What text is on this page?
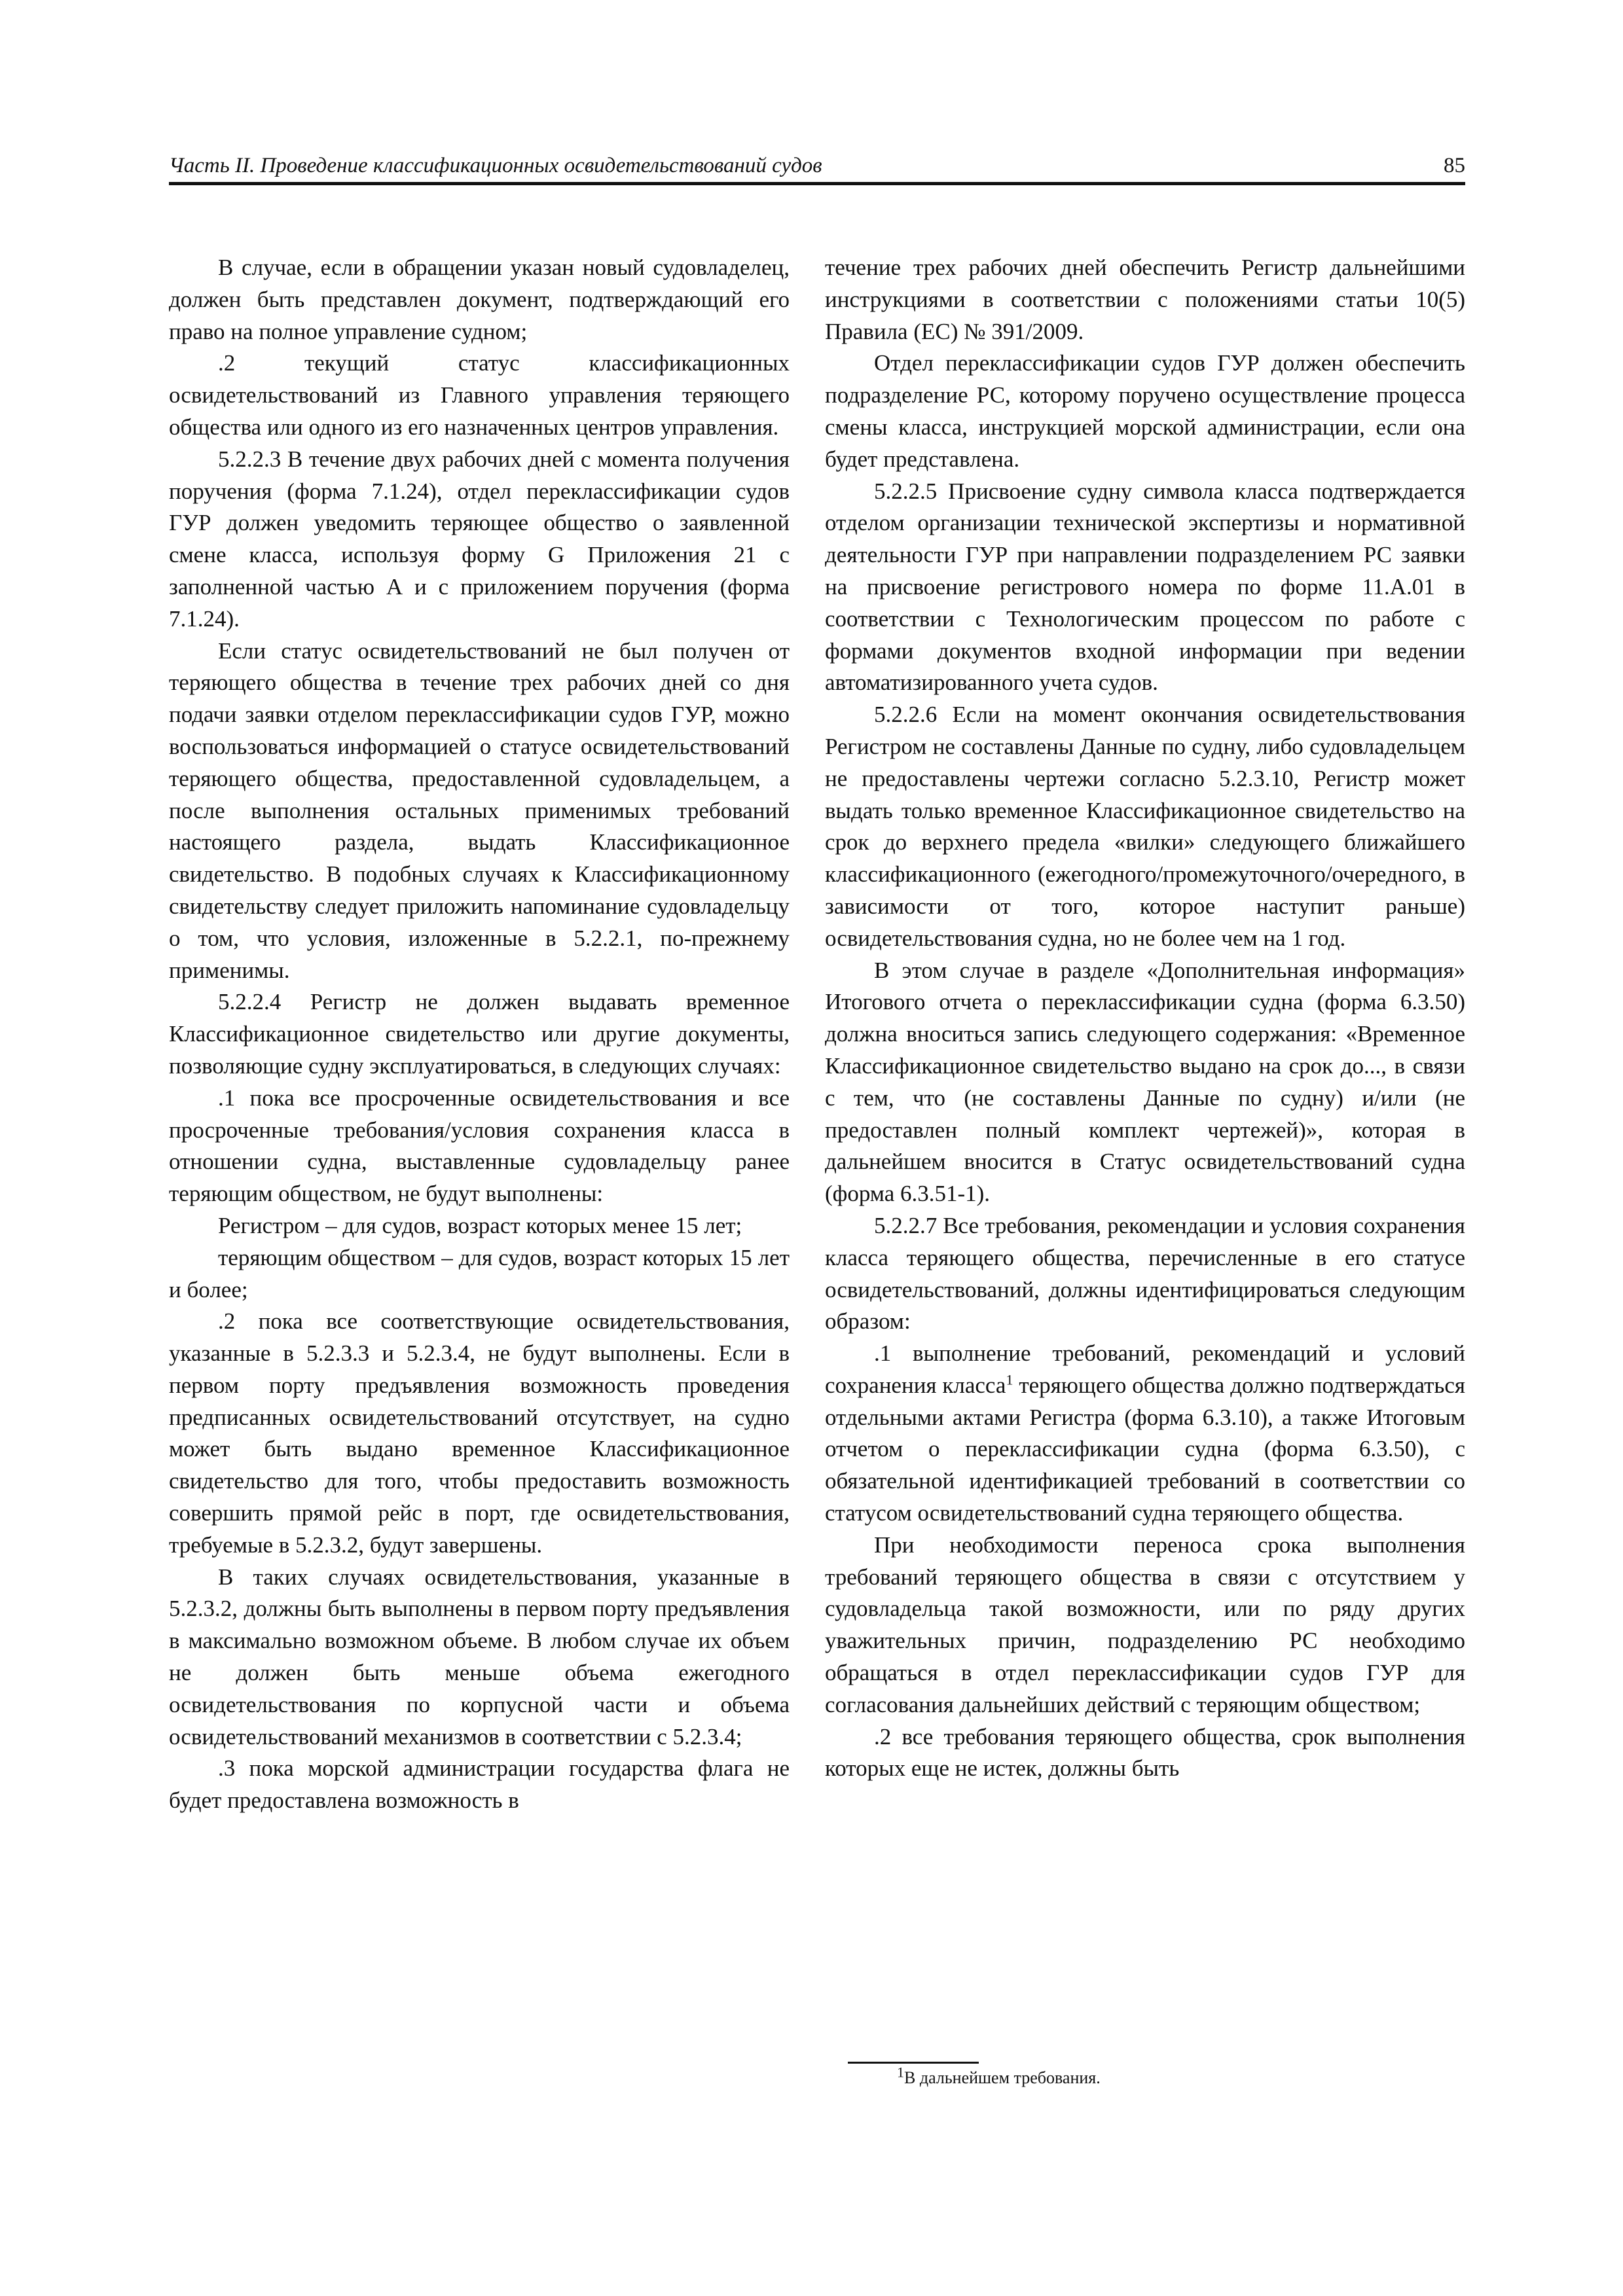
Часть II. Проведение классификационных освидетельствований судов	85

В случае, если в обращении указан новый судовладелец, должен быть представлен документ, подтверждающий его право на полное управление судном;

.2 текущий статус классификационных освидетельствований из Главного управления теряющего общества или одного из его назначенных центров управления.

5.2.2.3 В течение двух рабочих дней с момента получения поручения (форма 7.1.24), отдел переклассификации судов ГУР должен уведомить теряющее общество о заявленной смене класса, используя форму G Приложения 21 с заполненной частью А и с приложением поручения (форма 7.1.24).

Если статус освидетельствований не был получен от теряющего общества в течение трех рабочих дней со дня подачи заявки отделом переклассификации судов ГУР, можно воспользоваться информацией о статусе освидетельствований теряющего общества, предоставленной судовладельцем, а после выполнения остальных применимых требований настоящего раздела, выдать Классификационное свидетельство. В подобных случаях к Классификационному свидетельству следует приложить напоминание судовладельцу о том, что условия, изложенные в 5.2.2.1, по-прежнему применимы.

5.2.2.4 Регистр не должен выдавать временное Классификационное свидетельство или другие документы, позволяющие судну эксплуатироваться, в следующих случаях:

.1 пока все просроченные освидетельствования и все просроченные требования/условия сохранения класса в отношении судна, выставленные судовладельцу ранее теряющим обществом, не будут выполнены:

Регистром – для судов, возраст которых менее 15 лет;

теряющим обществом – для судов, возраст которых 15 лет и более;

.2 пока все соответствующие освидетельствования, указанные в 5.2.3.3 и 5.2.3.4, не будут выполнены. Если в первом порту предъявления возможность проведения предписанных освидетельствований отсутствует, на судно может быть выдано временное Классификационное свидетельство для того, чтобы предоставить возможность совершить прямой рейс в порт, где освидетельствования, требуемые в 5.2.3.2, будут завершены.

В таких случаях освидетельствования, указанные в 5.2.3.2, должны быть выполнены в первом порту предъявления в максимально возможном объеме. В любом случае их объем не должен быть меньше объема ежегодного освидетельствования по корпусной части и объема освидетельствований механизмов в соответствии с 5.2.3.4;

.3 пока морской администрации государства флага не будет предоставлена возможность в

течение трех рабочих дней обеспечить Регистр дальнейшими инструкциями в соответствии с положениями статьи 10(5) Правила (ЕС) № 391/2009.

Отдел переклассификации судов ГУР должен обеспечить подразделение РС, которому поручено осуществление процесса смены класса, инструкцией морской администрации, если она будет представлена.

5.2.2.5 Присвоение судну символа класса подтверждается отделом организации технической экспертизы и нормативной деятельности ГУР при направлении подразделением РС заявки на присвоение регистрового номера по форме 11.А.01 в соответствии с Технологическим процессом по работе с формами документов входной информации при ведении автоматизированного учета судов.

5.2.2.6 Если на момент окончания освидетельствования Регистром не составлены Данные по судну, либо судовладельцем не предоставлены чертежи согласно 5.2.3.10, Регистр может выдать только временное Классификационное свидетельство на срок до верхнего предела «вилки» следующего ближайшего классификационного (ежегодного/промежуточного/очередного, в зависимости от того, которое наступит раньше) освидетельствования судна, но не более чем на 1 год.

В этом случае в разделе «Дополнительная информация» Итогового отчета о переклассификации судна (форма 6.3.50) должна вноситься запись следующего содержания: «Временное Классификационное свидетельство выдано на срок до..., в связи с тем, что (не составлены Данные по судну) и/или (не предоставлен полный комплект чертежей)», которая в дальнейшем вносится в Статус освидетельствований судна (форма 6.3.51-1).

5.2.2.7 Все требования, рекомендации и условия сохранения класса теряющего общества, перечисленные в его статусе освидетельствований, должны идентифицироваться следующим образом:

.1 выполнение требований, рекомендаций и условий сохранения класса$^1$ теряющего общества должно подтверждаться отдельными актами Регистра (форма 6.3.10), а также Итоговым отчетом о переклассификации судна (форма 6.3.50), с обязательной идентификацией требований в соответствии со статусом освидетельствований судна теряющего общества.

При необходимости переноса срока выполнения требований теряющего общества в связи с отсутствием у судовладельца такой возможности, или по ряду других уважительных причин, подразделению РС необходимо обращаться в отдел переклассификации судов ГУР для согласования дальнейших действий с теряющим обществом;

.2 все требования теряющего общества, срок выполнения которых еще не истек, должны быть

$^1$В дальнейшем требования.
